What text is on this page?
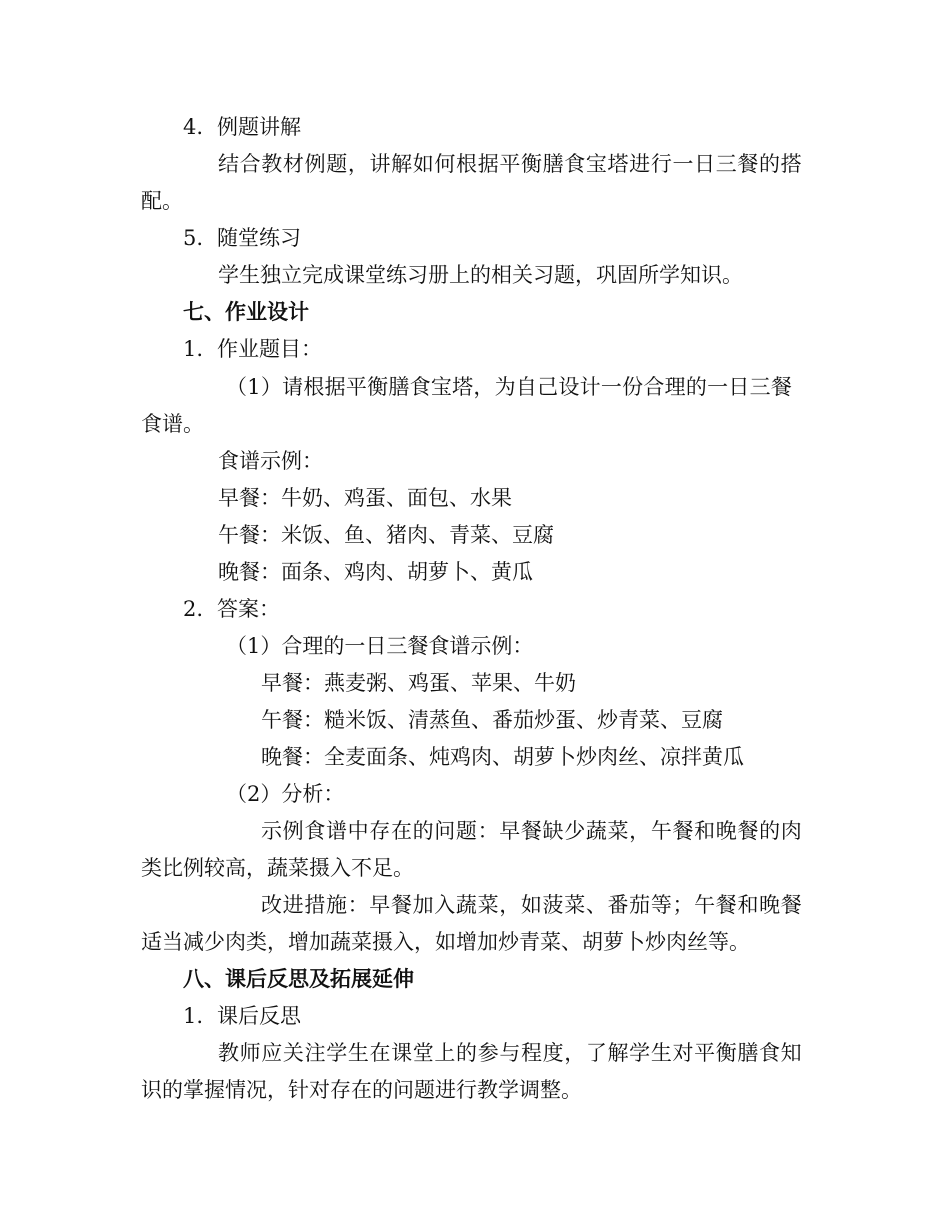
4. 例题讲解
结 合 教 材 例 题 ， 讲 解 如 何 根 据 平 衡 膳 食 宝 塔 进 行 一 日 三 餐 的 搭
配。
5. 随堂练习
学生独立完成课堂练习册上的相关习题，巩固所学知识。
七、作业设计
1. 作业题目：
（ 1 ） 请 根 据 平 衡 膳 食 宝 塔 ， 为 自 己 设 计 一 份 合 理 的 一 日 三 餐
食谱。
食谱示例：
早餐：牛奶、鸡蛋、面包、水果
午餐：米饭、鱼、猪肉、青菜、豆腐
晚餐：面条、鸡肉、胡萝卜、黄瓜
2. 答案：
（1）合理的一日三餐食谱示例：
早餐：燕麦粥、鸡蛋、苹果、牛奶
午餐：糙米饭、清蒸鱼、番茄炒蛋、炒青菜、豆腐
晚餐：全麦面条、炖鸡肉、胡萝卜炒肉丝、凉拌黄瓜
（2）分析：
示 例 食 谱 中 存 在 的 问 题 ： 早 餐 缺 少 蔬 菜 ， 午 餐 和 晚 餐 的 肉
类比例较高，蔬菜摄入不足。
改 进 措 施 ： 早 餐 加 入 蔬 菜 ， 如 菠 菜 、 番 茄 等 ； 午 餐 和 晚 餐
适当减少肉类，增加蔬菜摄入，如增加炒青菜、胡萝卜炒肉丝等。
八、课后反思及拓展延伸
1. 课后反思
教 师 应 关 注 学 生 在 课 堂 上 的 参 与 程 度 ， 了 解 学 生 对 平 衡 膳 食 知
识的掌握情况，针对存在的问题进行教学调整。
